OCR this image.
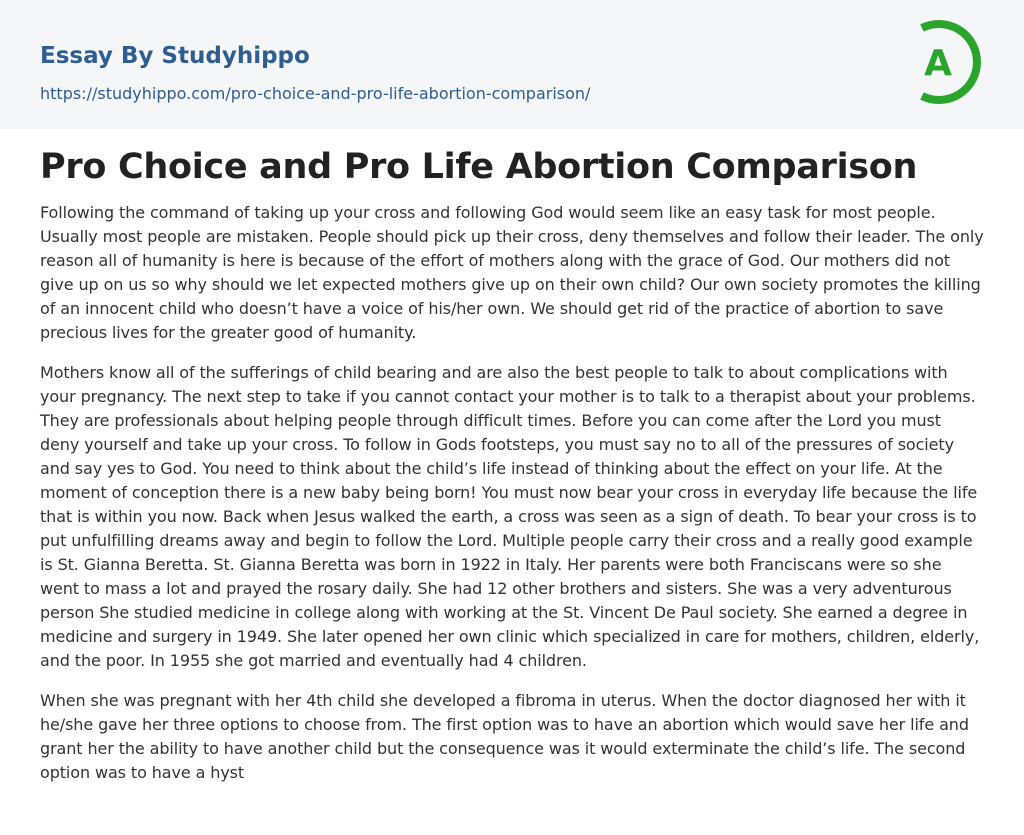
Essay By Studyhippo
https://studyhippo.com/pro-choice-and-pro-life-abortion-comparison/
A
Pro Choice and Pro Life Abortion Comparison

Following the command of taking up your cross and following God would seem like an easy task for most people. Usually most people are mistaken. People should pick up their cross, deny themselves and follow their leader. The only reason all of humanity is here is because of the effort of mothers along with the grace of God. Our mothers did not give up on us so why should we let expected mothers give up on their own child? Our own society promotes the killing of an innocent child who doesn’t have a voice of his/her own. We should get rid of the practice of abortion to save precious lives for the greater good of humanity.

Mothers know all of the sufferings of child bearing and are also the best people to talk to about complications with your pregnancy. The next step to take if you cannot contact your mother is to talk to a therapist about your problems. They are professionals about helping people through difficult times. Before you can come after the Lord you must deny yourself and take up your cross. To follow in Gods footsteps, you must say no to all of the pressures of society and say yes to God. You need to think about the child’s life instead of thinking about the effect on your life. At the moment of conception there is a new baby being born! You must now bear your cross in everyday life because the life that is within you now. Back when Jesus walked the earth, a cross was seen as a sign of death. To bear your cross is to put unfulfilling dreams away and begin to follow the Lord. Multiple people carry their cross and a really good example is St. Gianna Beretta. St. Gianna Beretta was born in 1922 in Italy. Her parents were both Franciscans were so she went to mass a lot and prayed the rosary daily. She had 12 other brothers and sisters. She was a very adventurous person She studied medicine in college along with working at the St. Vincent De Paul society. She earned a degree in medicine and surgery in 1949. She later opened her own clinic which specialized in care for mothers, children, elderly, and the poor. In 1955 she got married and eventually had 4 children.

When she was pregnant with her 4th child she developed a fibroma in uterus. When the doctor diagnosed her with it he/she gave her three options to choose from. The first option was to have an abortion which would save her life and grant her the ability to have another child but the consequence was it would exterminate the child’s life. The second option was to have a hyst
